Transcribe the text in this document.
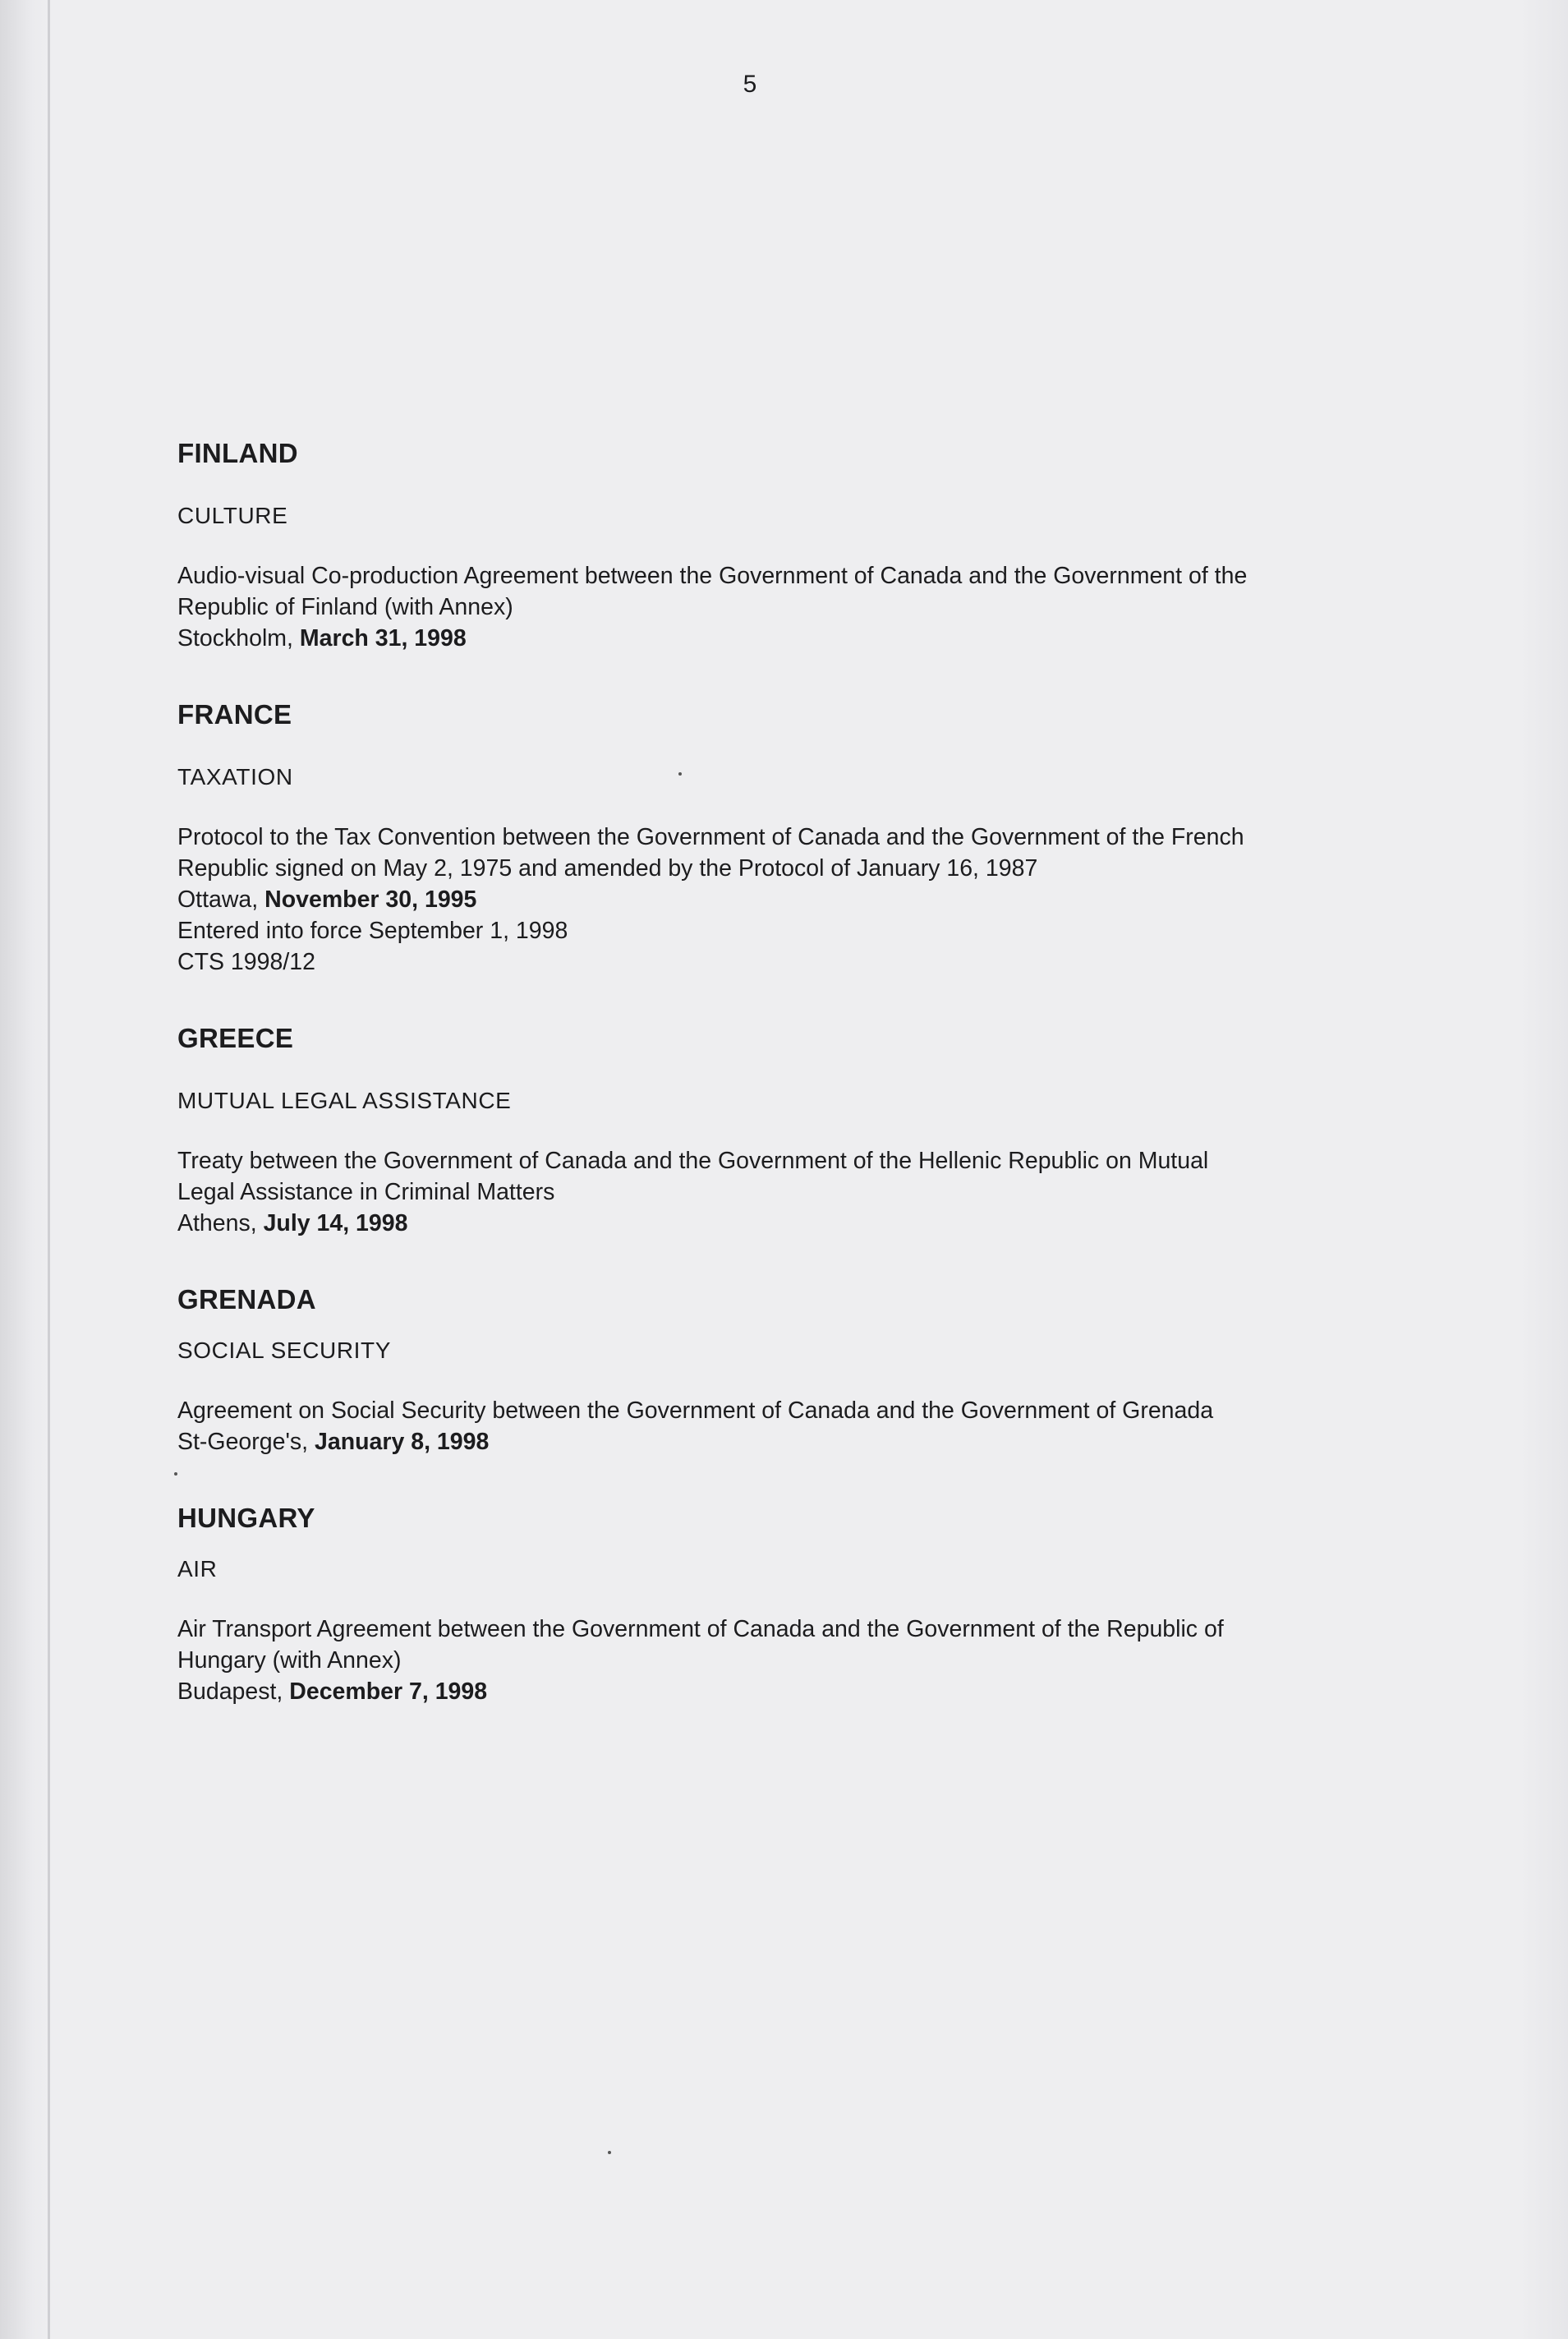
5
FINLAND
CULTURE

Audio-visual Co-production Agreement between the Government of Canada and the Government of the

Republic of Finland (with Annex)

Stockholm, March 31, 1998

FRANCE
TAXATION

Protocol to the Tax Convention between the Government of Canada and the Government of the French

Republic signed on May 2, 1975 and amended by the Protocol of January 16, 1987

Ottawa, November 30, 1995

Entered into force September 1, 1998

CTS 1998/12

GREECE
MUTUAL LEGAL ASSISTANCE

Treaty between the Government of Canada and the Government of the Hellenic Republic on Mutual

Legal Assistance in Criminal Matters

Athens, July 14, 1998

GRENADA
SOCIAL SECURITY

Agreement on Social Security between the Government of Canada and the Government of Grenada

St-George's, January 8, 1998

HUNGARY
AIR

Air Transport Agreement between the Government of Canada and the Government of the Republic of

Hungary (with Annex)

Budapest, December 7, 1998
